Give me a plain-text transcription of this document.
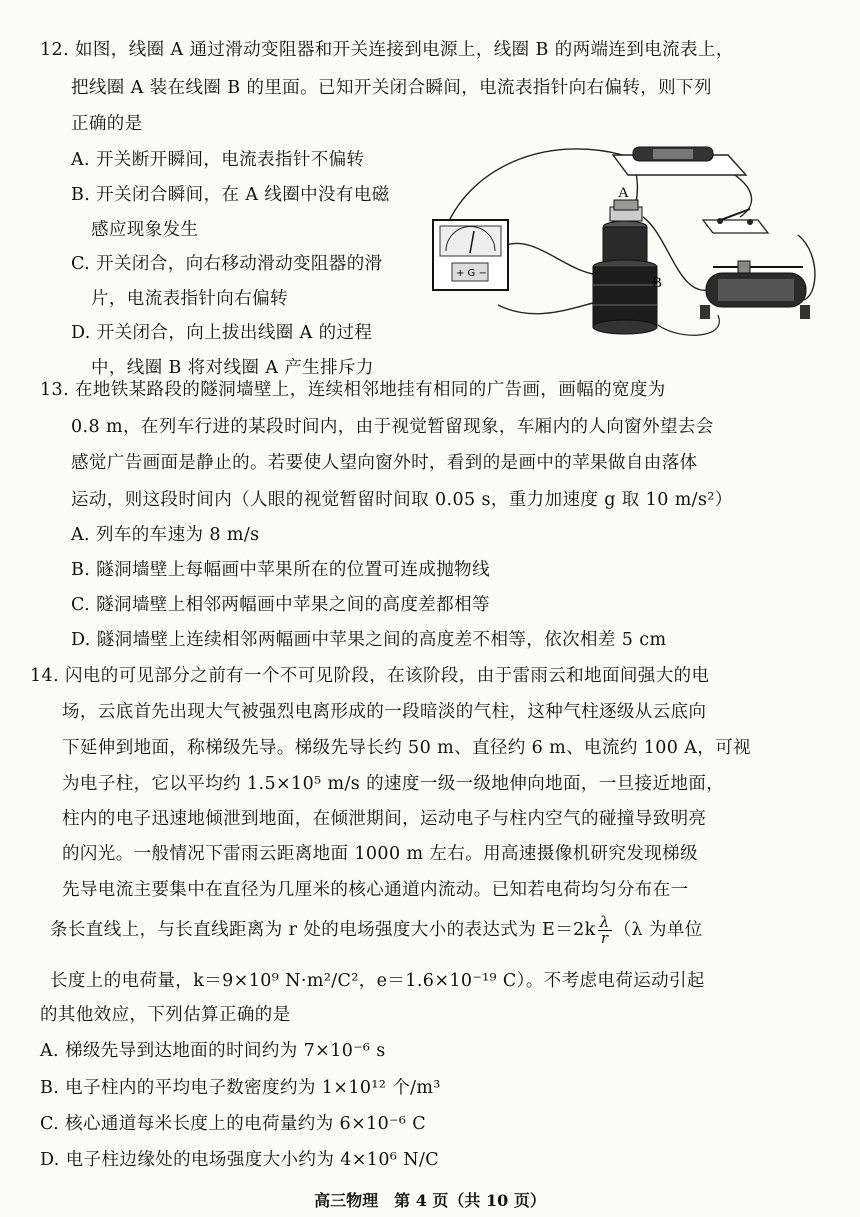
12. 如图，线圈 A 通过滑动变阻器和开关连接到电源上，线圈 B 的两端连到电流表上，
把线圈 A 装在线圈 B 的里面。已知开关闭合瞬间，电流表指针向右偏转，则下列
正确的是
A. 开关断开瞬间，电流表指针不偏转
B. 开关闭合瞬间，在 A 线圈中没有电磁
感应现象发生
C. 开关闭合，向右移动滑动变阻器的滑
片，电流表指针向右偏转
D. 开关闭合，向上拔出线圈 A 的过程
中，线圈 B 将对线圈 A 产生排斥力
+ G −
A
B
13. 在地铁某路段的隧洞墙壁上，连续相邻地挂有相同的广告画，画幅的宽度为
0.8 m，在列车行进的某段时间内，由于视觉暂留现象，车厢内的人向窗外望去会
感觉广告画面是静止的。若要使人望向窗外时，看到的是画中的苹果做自由落体
运动，则这段时间内（人眼的视觉暂留时间取 0.05 s，重力加速度 g 取 10 m/s²）
A. 列车的车速为 8 m/s
B. 隧洞墙壁上每幅画中苹果所在的位置可连成抛物线
C. 隧洞墙壁上相邻两幅画中苹果之间的高度差都相等
D. 隧洞墙壁上连续相邻两幅画中苹果之间的高度差不相等，依次相差 5 cm
14. 闪电的可见部分之前有一个不可见阶段，在该阶段，由于雷雨云和地面间强大的电
场，云底首先出现大气被强烈电离形成的一段暗淡的气柱，这种气柱逐级从云底向
下延伸到地面，称梯级先导。梯级先导长约 50 m、直径约 6 m、电流约 100 A，可视
为电子柱，它以平均约 1.5×10⁵ m/s 的速度一级一级地伸向地面，一旦接近地面，
柱内的电子迅速地倾泄到地面，在倾泄期间，运动电子与柱内空气的碰撞导致明亮
的闪光。一般情况下雷雨云距离地面 1000 m 左右。用高速摄像机研究发现梯级
先导电流主要集中在直径为几厘米的核心通道内流动。已知若电荷均匀分布在一
条长直线上，与长直线距离为 r 处的电场强度大小的表达式为 $E=2k \frac{\lambda}{r} (\lambda$ 为单位
长度上的电荷量，k＝9×10⁹ N·m²/C²，e＝1.6×10⁻¹⁹ C）。不考虑电荷运动引起
的其他效应，下列估算正确的是
A. 梯级先导到达地面的时间约为 7×10⁻⁶ s
B. 电子柱内的平均电子数密度约为 1×10¹² 个/m³
C. 核心通道每米长度上的电荷量约为 6×10⁻⁶ C
D. 电子柱边缘处的电场强度大小约为 4×10⁶ N/C
高三物理　第 4 页（共 10 页）
